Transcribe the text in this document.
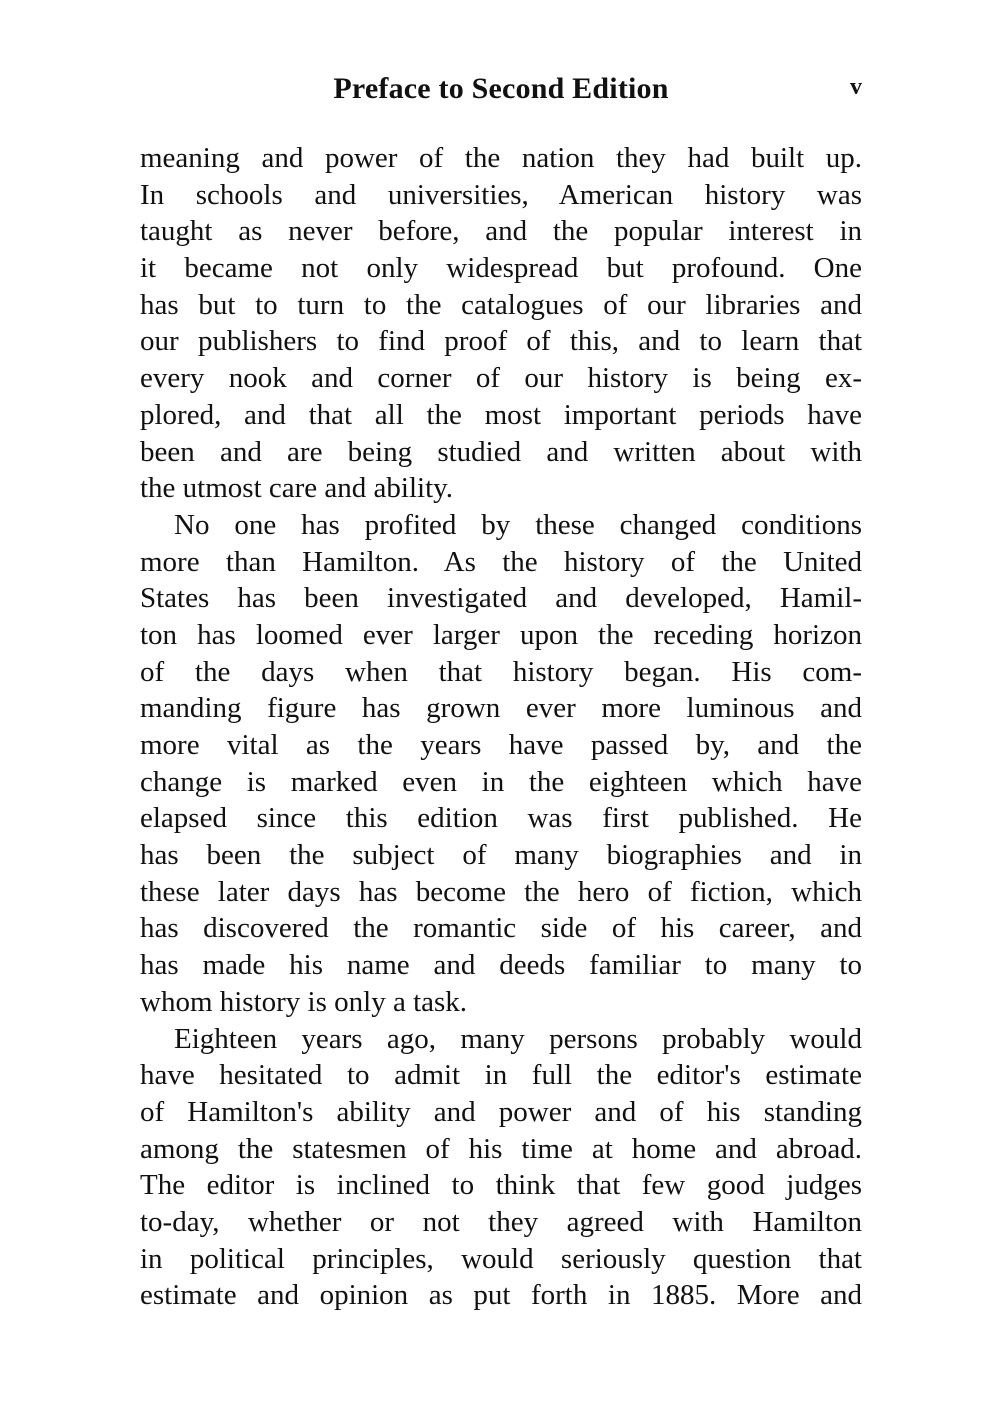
Preface to Second Edition	v
meaning and power of the nation they had built up.
In schools and universities, American history was
taught as never before, and the popular interest in
it became not only widespread but profound. One
has but to turn to the catalogues of our libraries and
our publishers to find proof of this, and to learn that
every nook and corner of our history is being ex-
plored, and that all the most important periods have
been and are being studied and written about with
the utmost care and ability.
No one has profited by these changed conditions
more than Hamilton. As the history of the United
States has been investigated and developed, Hamil-
ton has loomed ever larger upon the receding horizon
of the days when that history began. His com-
manding figure has grown ever more luminous and
more vital as the years have passed by, and the
change is marked even in the eighteen which have
elapsed since this edition was first published. He
has been the subject of many biographies and in
these later days has become the hero of fiction, which
has discovered the romantic side of his career, and
has made his name and deeds familiar to many to
whom history is only a task.
Eighteen years ago, many persons probably would
have hesitated to admit in full the editor's estimate
of Hamilton's ability and power and of his standing
among the statesmen of his time at home and abroad.
The editor is inclined to think that few good judges
to-day, whether or not they agreed with Hamilton
in political principles, would seriously question that
estimate and opinion as put forth in 1885. More and
